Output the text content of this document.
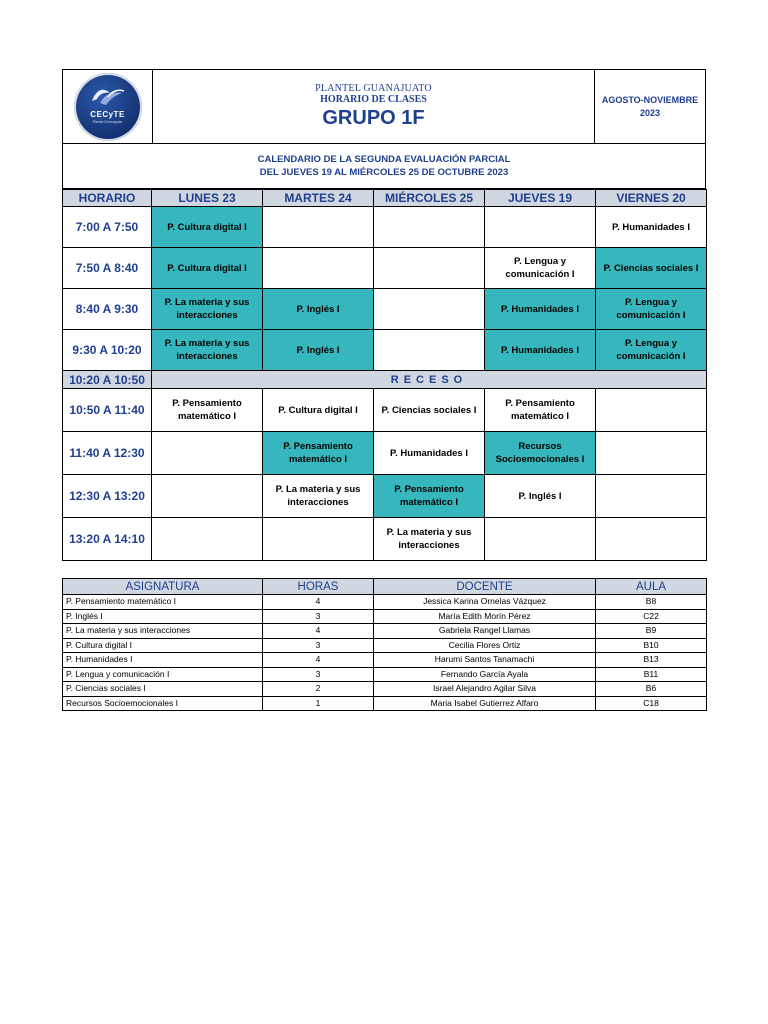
CECyTE
Plantel Guanajuato
PLANTEL GUANAJUATO
HORARIO DE CLASES
GRUPO 1F
AGOSTO-NOVIEMBRE
2023
CALENDARIO DE LA SEGUNDA EVALUACIÓN PARCIAL
DEL JUEVES 19 AL MIÉRCOLES 25 DE OCTUBRE 2023
HORARIO	LUNES 23	MARTES 24	MIÉRCOLES 25	JUEVES 19	VIERNES 20
7:00 A 7:50	P. Cultura digital I				P. Humanidades I
7:50 A 8:40	P. Cultura digital I			P. Lengua y comunicación I	P. Ciencias sociales I
8:40 A 9:30	P. La materia y sus interacciones	P. Inglés I		P. Humanidades I	P. Lengua y comunicación I
9:30 A 10:20	P. La materia y sus interacciones	P. Inglés I		P. Humanidades I	P. Lengua y comunicación I
10:20 A 10:50	RECESO				
10:50 A 11:40	P. Pensamiento matemático I	P. Cultura digital I	P. Ciencias sociales I	P. Pensamiento matemático I	
11:40 A 12:30		P. Pensamiento matemático I	P. Humanidades I	Recursos Socioemocionales I	
12:30 A 13:20		P. La materia y sus interacciones	P. Pensamiento matemático I	P. Inglés I	
13:20 A 14:10			P. La materia y sus interacciones		
ASIGNATURA	HORAS	DOCENTE	AULA
P. Pensamiento matemático I	4	Jessica Karina Ornelas Vázquez	B8
P. Inglés I	3	María Edith Morín Pérez	C22
P. La materia y sus interacciones	4	Gabriela Rangel Llamas	B9
P. Cultura digital I	3	Cecilia Flores Ortiz	B10
P. Humanidades I	4	Harumi Santos Tanamachi	B13
P. Lengua y comunicación I	3	Fernando García Ayala	B11
P. Ciencias sociales I	2	Israel Alejandro Agilar Silva	B6
Recursos Socioemocionales I	1	Maria Isabel Gutierrez Alfaro	C18
